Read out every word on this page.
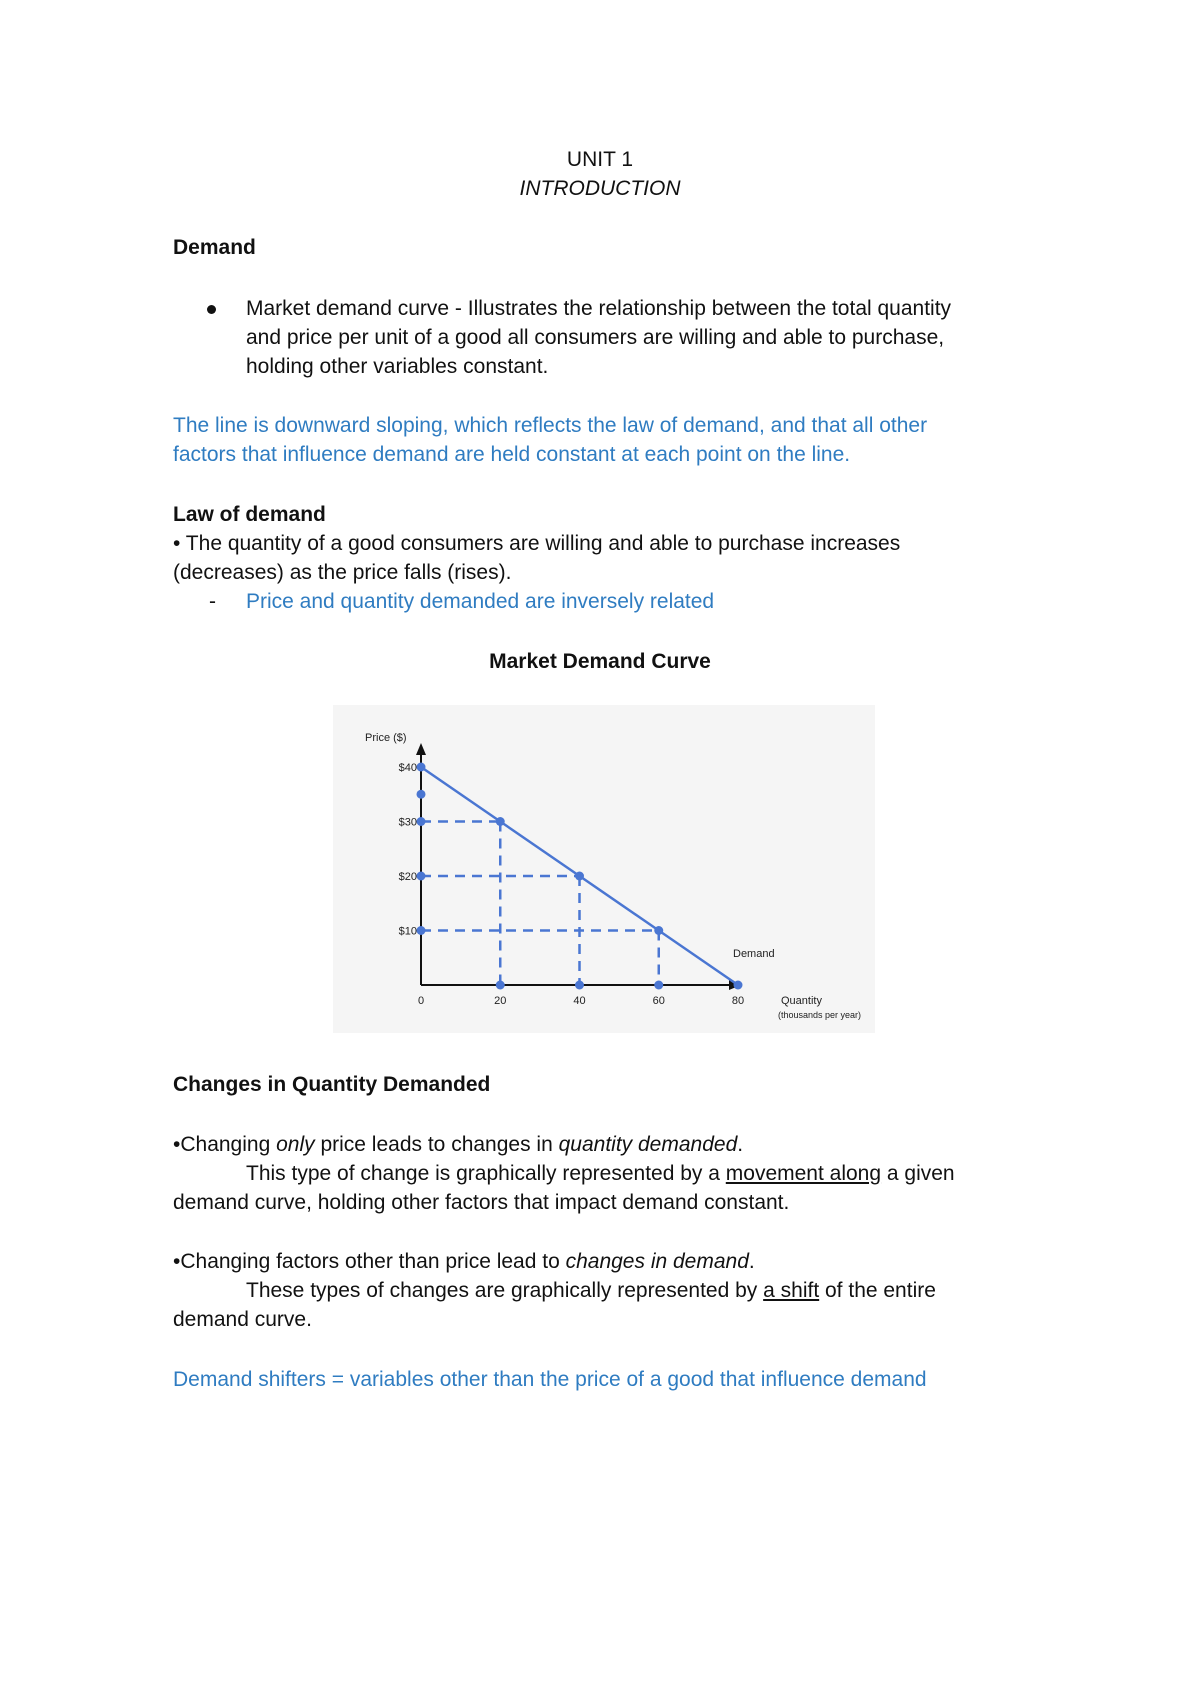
UNIT 1
INTRODUCTION
Demand
Market demand curve - Illustrates the relationship between the total quantity
and price per unit of a good all consumers are willing and able to purchase,
holding other variables constant.
The line is downward sloping, which reflects the law of demand, and that all other
factors that influence demand are held constant at each point on the line.
Law of demand
• The quantity of a good consumers are willing and able to purchase increases
(decreases) as the price falls (rises).
- Price and quantity demanded are inversely related
Market Demand Curve
Price ($)
$40
$30
$20
$10
0	20	40	60	80
Demand
Quantity
(thousands per year)
Changes in Quantity Demanded
•Changing only price leads to changes in quantity demanded.
This type of change is graphically represented by a movement along a given
demand curve, holding other factors that impact demand constant.
•Changing factors other than price lead to changes in demand.
These types of changes are graphically represented by a shift of the entire
demand curve.
Demand shifters = variables other than the price of a good that influence demand
